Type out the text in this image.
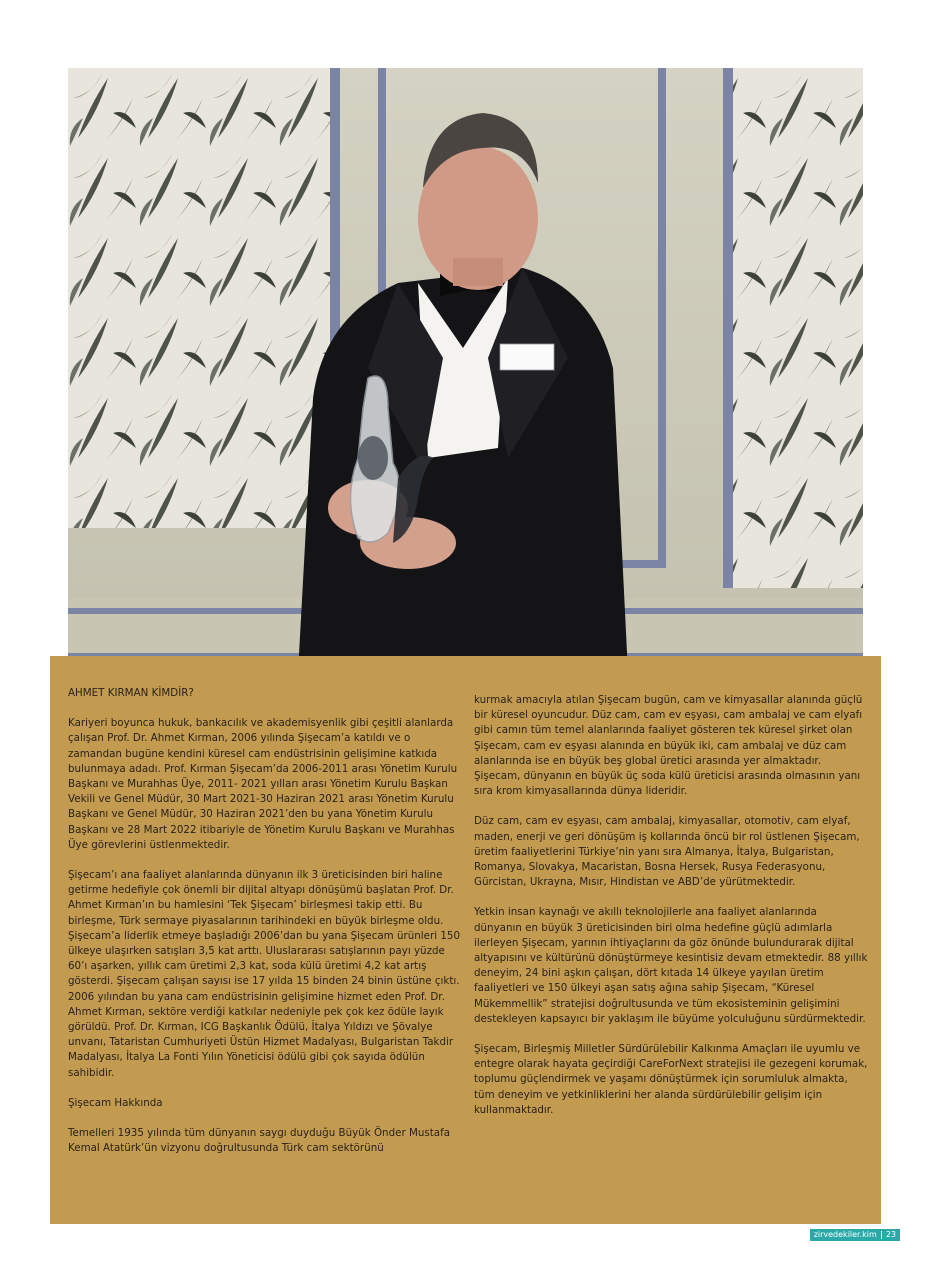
AHMET KIRMAN KİMDİR?

Kariyeri boyunca hukuk, bankacılık ve akademisyenlik gibi çeşitli alanlarda çalışan Prof. Dr. Ahmet Kırman, 2006 yılında Şişecam’a katıldı ve o zamandan bugüne kendini küresel cam endüstrisinin gelişimine katkıda bulunmaya adadı. Prof. Kırman Şişecam’da 2006-2011 arası Yönetim Kurulu Başkanı ve Murahhas Üye, 2011- 2021 yılları arası Yönetim Kurulu Başkan Vekili ve Genel Müdür, 30 Mart 2021-30 Haziran 2021 arası Yönetim Kurulu Başkanı ve Genel Müdür, 30 Haziran 2021’den bu yana Yönetim Kurulu Başkanı ve 28 Mart 2022 itibariyle de Yönetim Kurulu Başkanı ve Murahhas Üye görevlerini üstlenmektedir.

Şişecam’ı ana faaliyet alanlarında dünyanın ilk 3 üreticisinden biri haline getirme hedefiyle çok önemli bir dijital altyapı dönüşümü başlatan Prof. Dr. Ahmet Kırman’ın bu hamlesini ‘Tek Şişecam’ birleşmesi takip etti. Bu birleşme, Türk sermaye piyasalarının tarihindeki en büyük birleşme oldu. Şişecam’a liderlik etmeye başladığı 2006’dan bu yana Şişecam ürünleri 150 ülkeye ulaşırken satışları 3,5 kat arttı. Uluslararası satışlarının payı yüzde 60’ı aşarken, yıllık cam üretimi 2,3 kat, soda külü üretimi 4,2 kat artış gösterdi. Şişecam çalışan sayısı ise 17 yılda 15 binden 24 binin üstüne çıktı. 2006 yılından bu yana cam endüstrisinin gelişimine hizmet eden Prof. Dr. Ahmet Kırman, sektöre verdiği katkılar nedeniyle pek çok kez ödüle layık görüldü. Prof. Dr. Kırman, ICG Başkanlık Ödülü, İtalya Yıldızı ve Şövalye unvanı, Tataristan Cumhuriyeti Üstün Hizmet Madalyası, Bulgaristan Takdir Madalyası, İtalya La Fonti Yılın Yöneticisi ödülü gibi çok sayıda ödülün sahibidir.

Şişecam Hakkında

Temelleri 1935 yılında tüm dünyanın saygı duyduğu Büyük Önder Mustafa Kemal Atatürk’ün vizyonu doğrultusunda Türk cam sektörünü

kurmak amacıyla atılan Şişecam bugün, cam ve kimyasallar alanında güçlü bir küresel oyuncudur. Düz cam, cam ev eşyası, cam ambalaj ve cam elyafı gibi camın tüm temel alanlarında faaliyet gösteren tek küresel şirket olan Şişecam, cam ev eşyası alanında en büyük iki, cam ambalaj ve düz cam alanlarında ise en büyük beş global üretici arasında yer almaktadır. Şişecam, dünyanın en büyük üç soda külü üreticisi arasında olmasının yanı sıra krom kimyasallarında dünya lideridir.

Düz cam, cam ev eşyası, cam ambalaj, kimyasallar, otomotiv, cam elyaf, maden, enerji ve geri dönüşüm iş kollarında öncü bir rol üstlenen Şişecam, üretim faaliyetlerini Türkiye’nin yanı sıra Almanya, İtalya, Bulgaristan, Romanya, Slovakya, Macaristan, Bosna Hersek, Rusya Federasyonu, Gürcistan, Ukrayna, Mısır, Hindistan ve ABD’de yürütmektedir.

Yetkin insan kaynağı ve akıllı teknolojilerle ana faaliyet alanlarında dünyanın en büyük 3 üreticisinden biri olma hedefine güçlü adımlarla ilerleyen Şişecam, yarının ihtiyaçlarını da göz önünde bulundurarak dijital altyapısını ve kültürünü dönüştürmeye kesintisiz devam etmektedir. 88 yıllık deneyim, 24 bini aşkın çalışan, dört kıtada 14 ülkeye yayılan üretim faaliyetleri ve 150 ülkeyi aşan satış ağına sahip Şişecam, “Küresel Mükemmellik” stratejisi doğrultusunda ve tüm ekosisteminin gelişimini destekleyen kapsayıcı bir yaklaşım ile büyüme yolculuğunu sürdürmektedir.

Şişecam, Birleşmiş Milletler Sürdürülebilir Kalkınma Amaçları ile uyumlu ve entegre olarak hayata geçirdiği CareForNext stratejisi ile gezegeni korumak, toplumu güçlendirmek ve yaşamı dönüştürmek için sorumluluk almakta, tüm deneyim ve yetkinliklerini her alanda sürdürülebilir gelişim için kullanmaktadır.

zirvedekiler.kim 23
